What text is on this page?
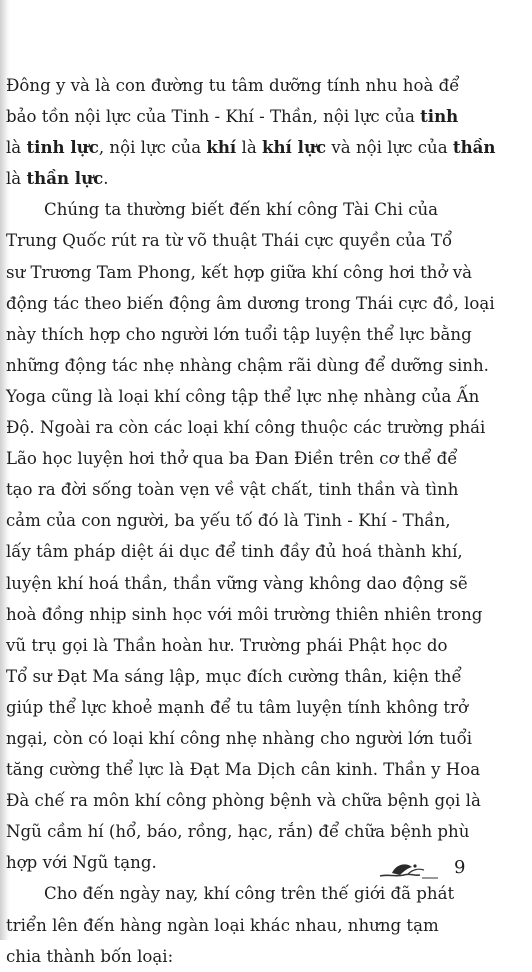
Đông y và là con đường tu tâm dưỡng tính nhu hoà để
bảo tồn nội lực của Tinh - Khí - Thần, nội lực của tinh
là tinh lực, nội lực của khí là khí lực và nội lực của thần
là thần lực.
Chúng ta thường biết đến khí công Tài Chi của
Trung Quốc rút ra từ võ thuật Thái cực quyền của Tổ
sư Trương Tam Phong, kết hợp giữa khí công hơi thở và
động tác theo biến động âm dương trong Thái cực đồ, loại
này thích hợp cho người lớn tuổi tập luyện thể lực bằng
những động tác nhẹ nhàng chậm rãi dùng để dưỡng sinh.
Yoga cũng là loại khí công tập thể lực nhẹ nhàng của Ấn
Độ. Ngoài ra còn các loại khí công thuộc các trường phái
Lão học luyện hơi thở qua ba Đan Điền trên cơ thể để
tạo ra đời sống toàn vẹn về vật chất, tinh thần và tình
cảm của con người, ba yếu tố đó là Tinh - Khí - Thần,
lấy tâm pháp diệt ái dục để tinh đầy đủ hoá thành khí,
luyện khí hoá thần, thần vững vàng không dao động sẽ
hoà đồng nhịp sinh học với môi trường thiên nhiên trong
vũ trụ gọi là Thần hoàn hư. Trường phái Phật học do
Tổ sư Đạt Ma sáng lập, mục đích cường thân, kiện thể
giúp thể lực khoẻ mạnh để tu tâm luyện tính không trở
ngại, còn có loại khí công nhẹ nhàng cho người lớn tuổi
tăng cường thể lực là Đạt Ma Dịch cân kinh. Thần y Hoa
Đà chế ra môn khí công phòng bệnh và chữa bệnh gọi là
Ngũ cầm hí (hổ, báo, rồng, hạc, rắn) để chữa bệnh phù
hợp với Ngũ tạng.
Cho đến ngày nay, khí công trên thế giới đã phát
triển lên đến hàng ngàn loại khác nhau, nhưng tạm
chia thành bốn loại:
9
